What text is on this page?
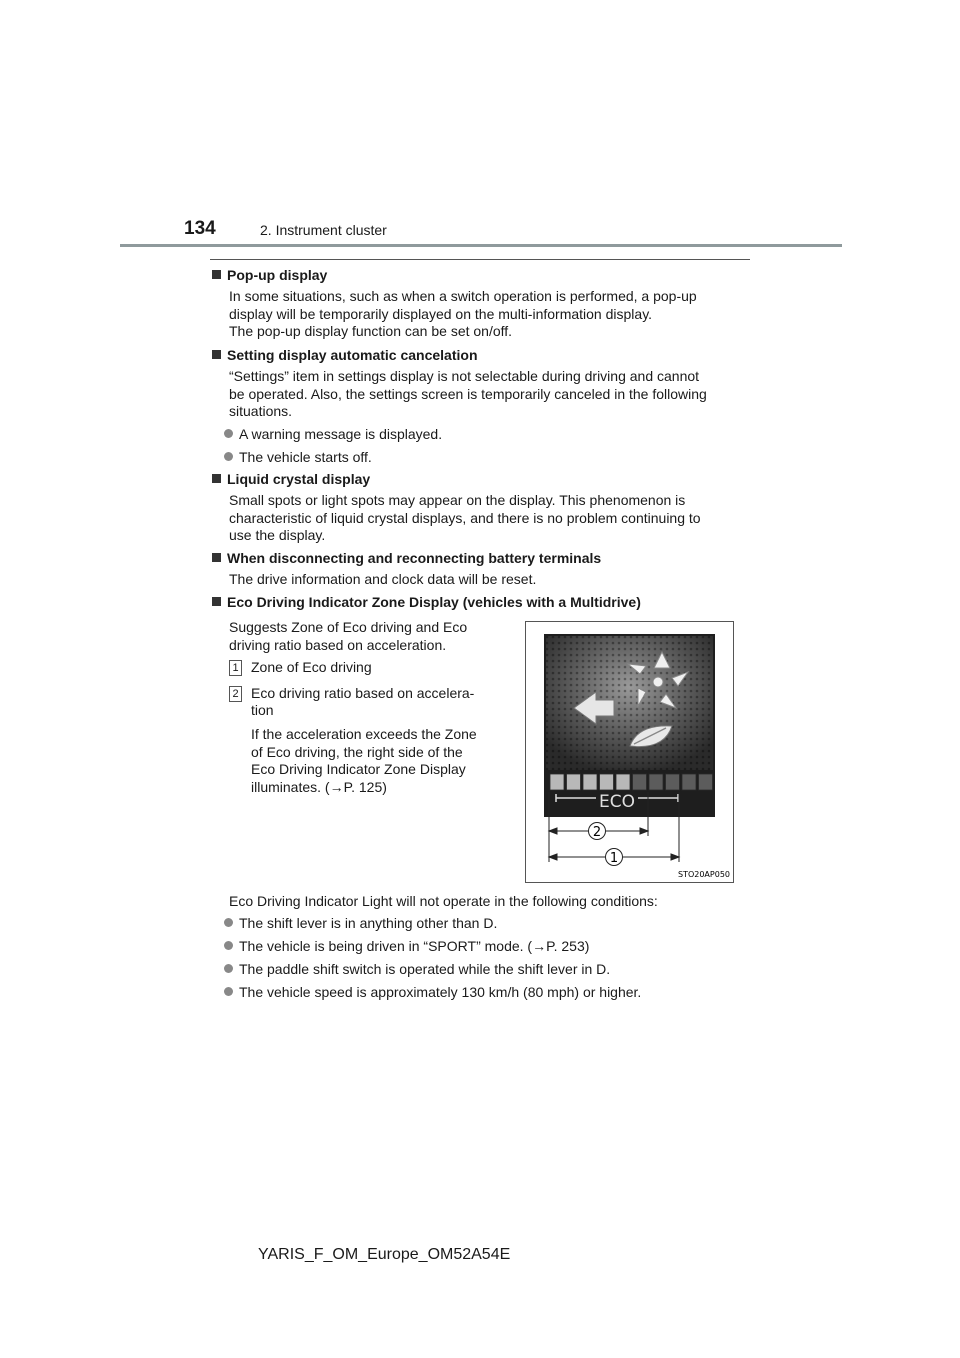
134	2. Instrument cluster
Pop-up display
In some situations, such as when a switch operation is performed, a pop-up
display will be temporarily displayed on the multi-information display.
The pop-up display function can be set on/off.
Setting display automatic cancelation
“Settings” item in settings display is not selectable during driving and cannot
be operated. Also, the settings screen is temporarily canceled in the following
situations.
A warning message is displayed.
The vehicle starts off.
Liquid crystal display
Small spots or light spots may appear on the display. This phenomenon is
characteristic of liquid crystal displays, and there is no problem continuing to
use the display.
When disconnecting and reconnecting battery terminals
The drive information and clock data will be reset.
Eco Driving Indicator Zone Display (vehicles with a Multidrive)
Suggests Zone of Eco driving and Eco
driving ratio based on acceleration.
1 Zone of Eco driving
2 Eco driving ratio based on accelera-
tion
If the acceleration exceeds the Zone
of Eco driving, the right side of the
Eco Driving Indicator Zone Display
illuminates. (→P. 125)
ECO
2
1
STO20AP050
Eco Driving Indicator Light will not operate in the following conditions:
The shift lever is in anything other than D.
The vehicle is being driven in “SPORT” mode. (→P. 253)
The paddle shift switch is operated while the shift lever in D.
The vehicle speed is approximately 130 km/h (80 mph) or higher.
YARIS_F_OM_Europe_OM52A54E
